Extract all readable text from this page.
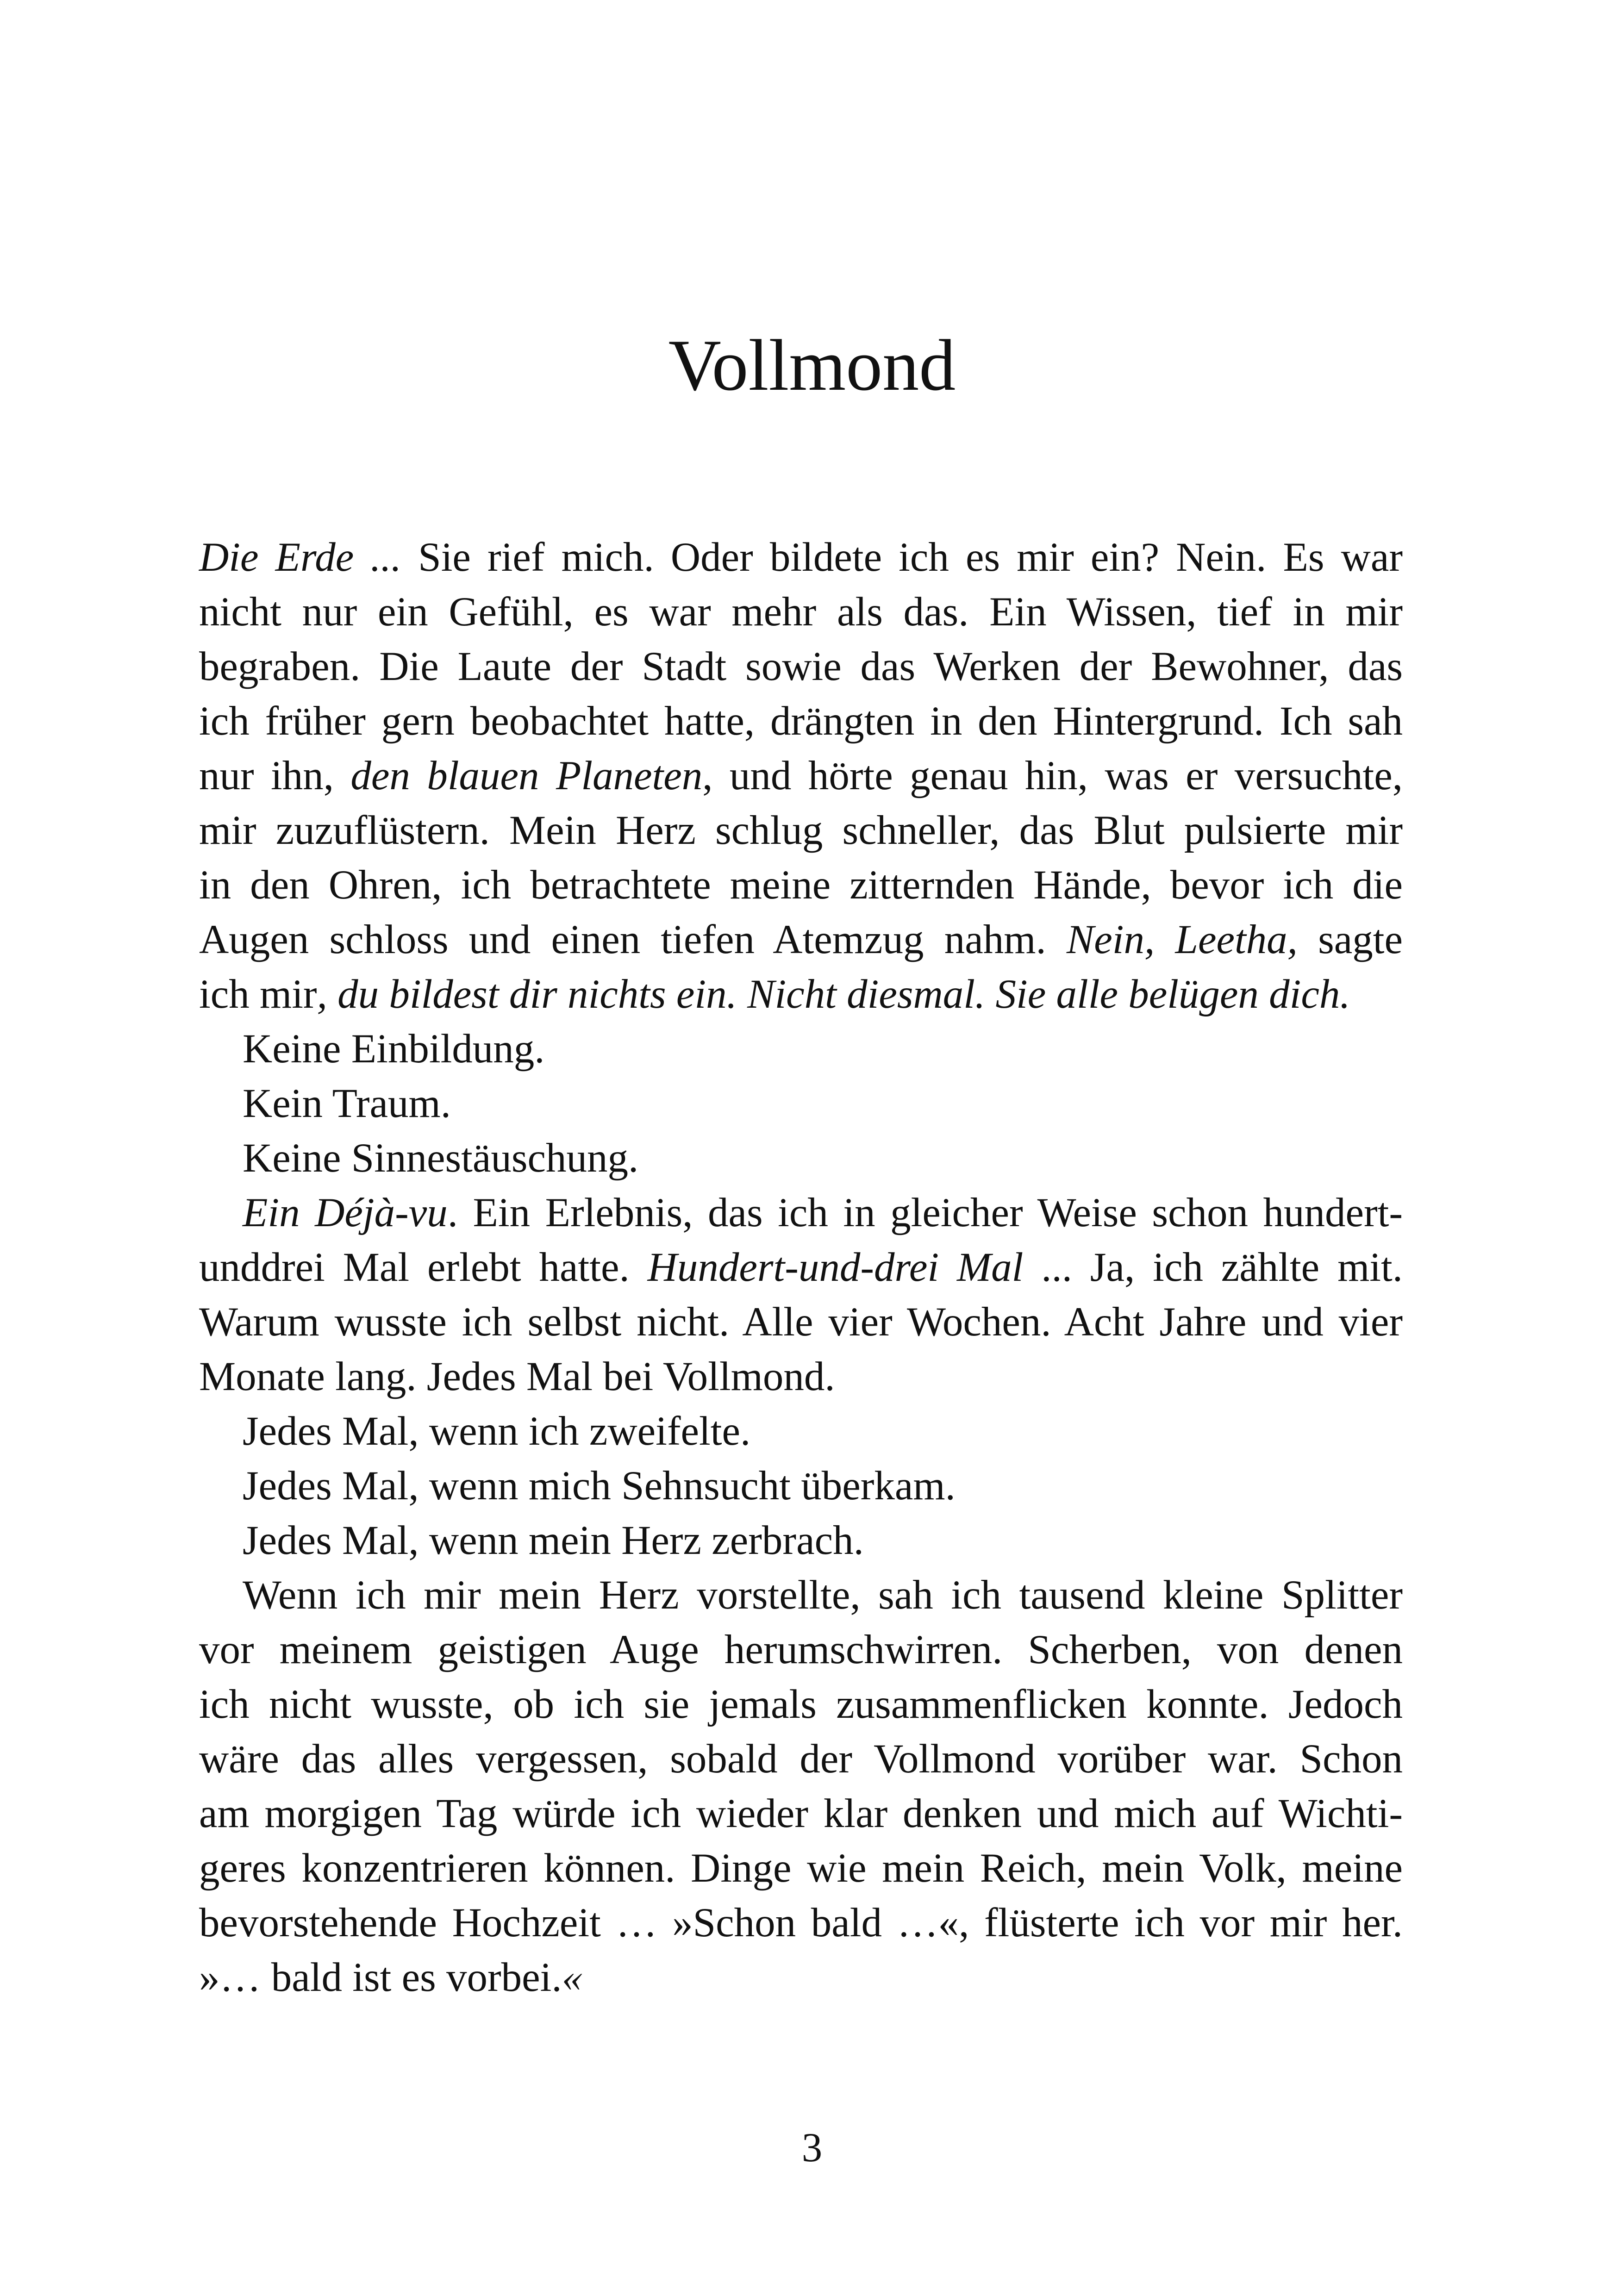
Vollmond
Die Erde ... Sie rief mich. Oder bildete ich es mir ein? Nein. Es war
nicht nur ein Gefühl, es war mehr als das. Ein Wissen, tief in mir
begraben. Die Laute der Stadt sowie das Werken der Bewohner, das
ich früher gern beobachtet hatte, drängten in den Hintergrund. Ich sah
nur ihn, den blauen Planeten, und hörte genau hin, was er versuchte,
mir zuzuflüstern. Mein Herz schlug schneller, das Blut pulsierte mir
in den Ohren, ich betrachtete meine zitternden Hände, bevor ich die
Augen schloss und einen tiefen Atemzug nahm. Nein, Leetha, sagte
ich mir, du bildest dir nichts ein. Nicht diesmal. Sie alle belügen dich.
Keine Einbildung.
Kein Traum.
Keine Sinnestäuschung.
Ein Déjà-vu. Ein Erlebnis, das ich in gleicher Weise schon hundert-
unddrei Mal erlebt hatte. Hundert-und-drei Mal ... Ja, ich zählte mit.
Warum wusste ich selbst nicht. Alle vier Wochen. Acht Jahre und vier
Monate lang. Jedes Mal bei Vollmond.
Jedes Mal, wenn ich zweifelte.
Jedes Mal, wenn mich Sehnsucht überkam.
Jedes Mal, wenn mein Herz zerbrach.
Wenn ich mir mein Herz vorstellte, sah ich tausend kleine Splitter
vor meinem geistigen Auge herumschwirren. Scherben, von denen
ich nicht wusste, ob ich sie jemals zusammenflicken konnte. Jedoch
wäre das alles vergessen, sobald der Vollmond vorüber war. Schon
am morgigen Tag würde ich wieder klar denken und mich auf Wichti-
geres konzentrieren können. Dinge wie mein Reich, mein Volk, meine
bevorstehende Hochzeit … »Schon bald …«, flüsterte ich vor mir her.
»… bald ist es vorbei.«
3
